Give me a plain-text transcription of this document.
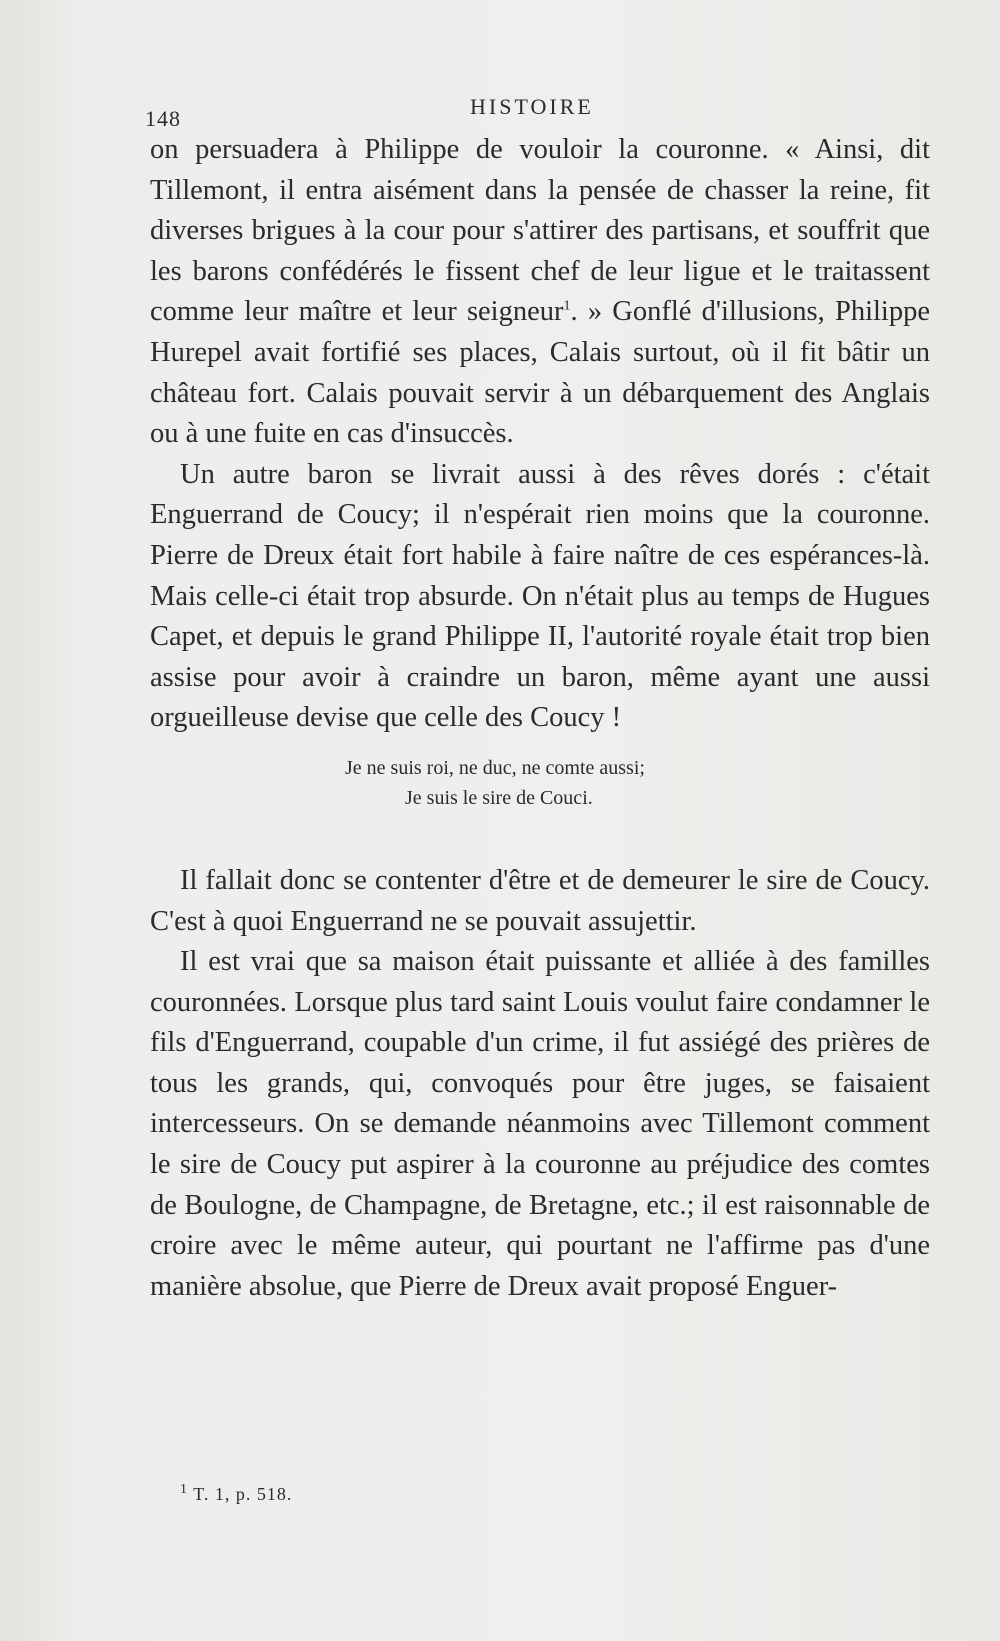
148	HISTOIRE

on persuadera à Philippe de vouloir la couronne. « Ainsi, dit Tillemont, il entra aisément dans la pensée de chasser la reine, fit diverses brigues à la cour pour s'attirer des partisans, et souffrit que les barons confédérés le fissent chef de leur ligue et le traitassent comme leur maître et leur seigneur$^1$. » Gonflé d'illusions, Philippe Hurepel avait fortifié ses places, Calais surtout, où il fit bâtir un château fort. Calais pouvait servir à un débarquement des Anglais ou à une fuite en cas d'insuccès.

Un autre baron se livrait aussi à des rêves dorés : c'était Enguerrand de Coucy; il n'espérait rien moins que la couronne. Pierre de Dreux était fort habile à faire naître de ces espérances-là. Mais celle-ci était trop absurde. On n'était plus au temps de Hugues Capet, et depuis le grand Philippe II, l'autorité royale était trop bien assise pour avoir à craindre un baron, même ayant une aussi orgueilleuse devise que celle des Coucy !

Je ne suis roi, ne duc, ne comte aussi;
Je suis le sire de Couci.

Il fallait donc se contenter d'être et de demeurer le sire de Coucy. C'est à quoi Enguerrand ne se pouvait assujettir.

Il est vrai que sa maison était puissante et alliée à des familles couronnées. Lorsque plus tard saint Louis voulut faire condamner le fils d'Enguerrand, coupable d'un crime, il fut assiégé des prières de tous les grands, qui, convoqués pour être juges, se faisaient intercesseurs. On se demande néanmoins avec Tillemont comment le sire de Coucy put aspirer à la couronne au préjudice des comtes de Boulogne, de Champagne, de Bretagne, etc.; il est raisonnable de croire avec le même auteur, qui pourtant ne l'affirme pas d'une manière absolue, que Pierre de Dreux avait proposé Enguer-

$^1$ T. 1, p. 518.
